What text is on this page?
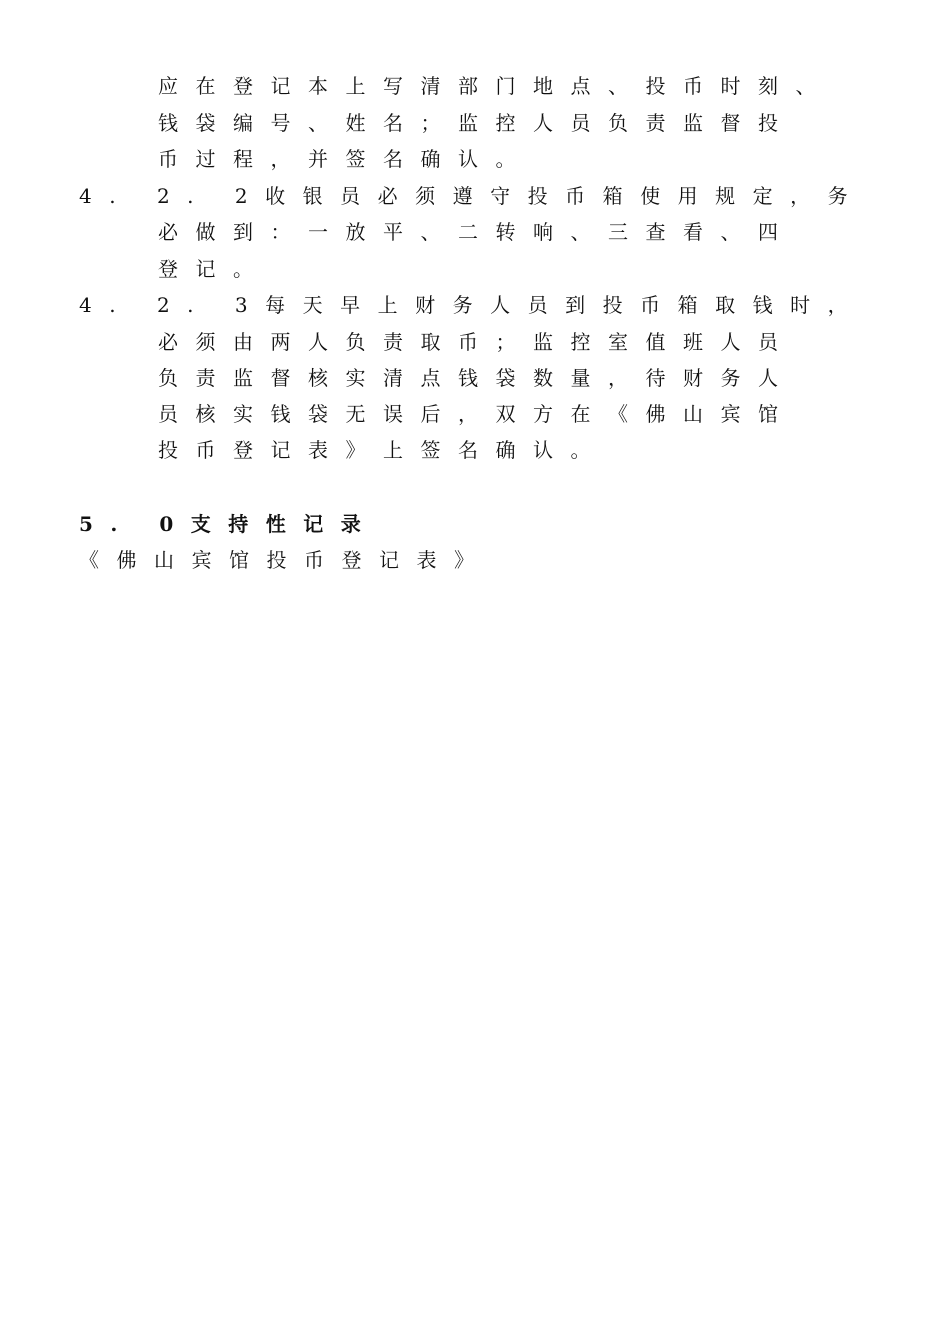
应在登记本上写清部门地点、投币时刻、
钱袋编号、姓名；监控人员负责监督投
币过程，并签名确认。
4. 2. 2收银员必须遵守投币箱使用规定，务
必做到：一放平、二转响、三查看、四
登记。
4. 2. 3每天早上财务人员到投币箱取钱时，
必须由两人负责取币；监控室值班人员
负责监督核实清点钱袋数量，待财务人
员核实钱袋无误后，双方在《佛山宾馆
投币登记表》上签名确认。
5. 0支持性记录
《佛山宾馆投币登记表》
